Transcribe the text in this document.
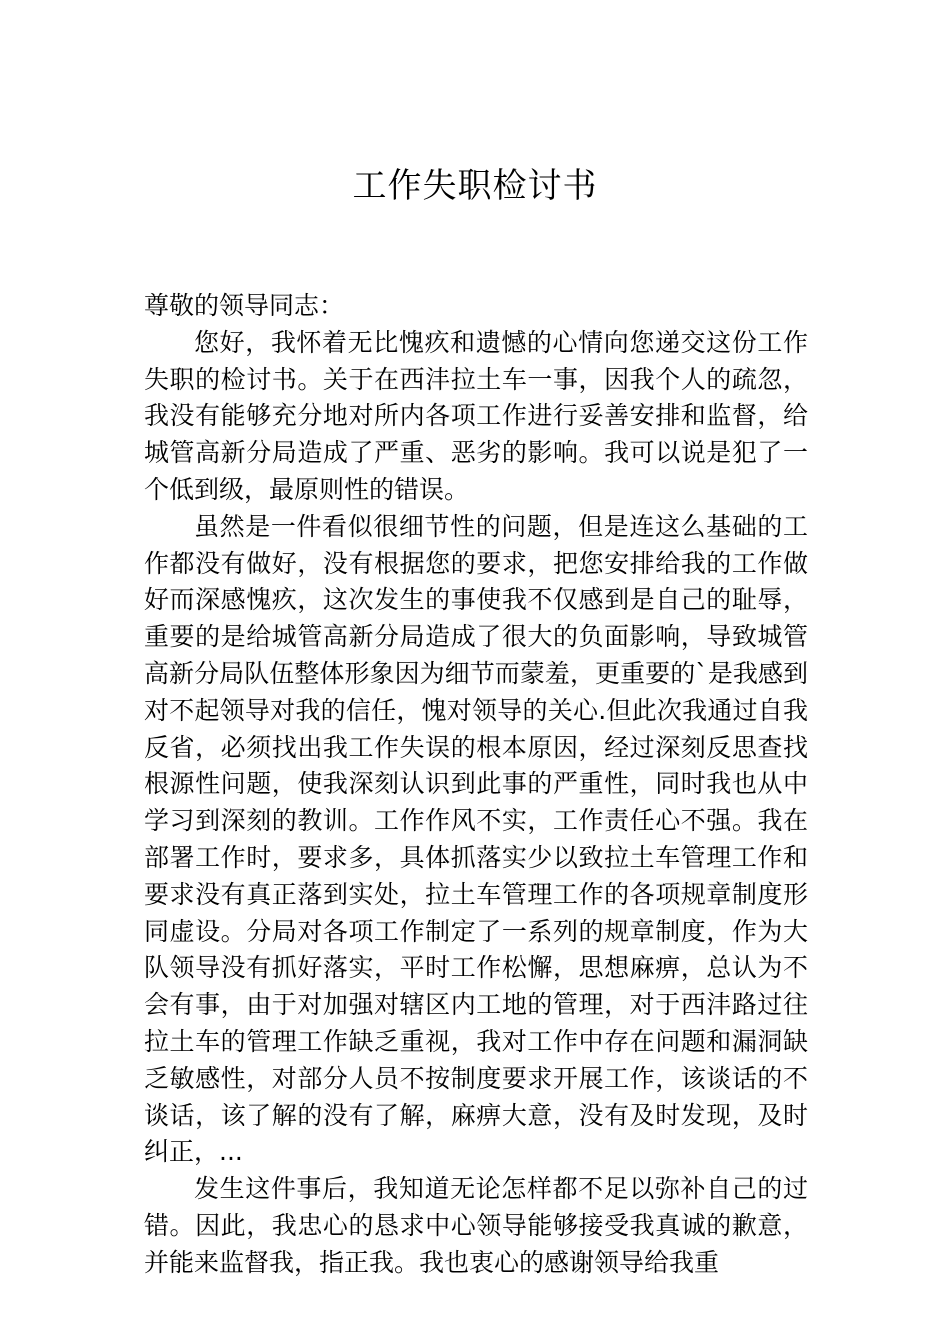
工作失职检讨书

尊敬的领导同志：

您好，我怀着无比愧疚和遗憾的心情向您递交这份工作失职的检讨书。关于在西沣拉土车一事，因我个人的疏忽，我没有能够充分地对所内各项工作进行妥善安排和监督，给城管高新分局造成了严重、恶劣的影响。我可以说是犯了一个低到级，最原则性的错误。

虽然是一件看似很细节性的问题，但是连这么基础的工作都没有做好，没有根据您的要求，把您安排给我的工作做好而深感愧疚，这次发生的事使我不仅感到是自己的耻辱，重要的是给城管高新分局造成了很大的负面影响，导致城管高新分局队伍整体形象因为细节而蒙羞，更重要的`是我感到对不起领导对我的信任，愧对领导的关心.但此次我通过自我反省，必须找出我工作失误的根本原因，经过深刻反思查找根源性问题，使我深刻认识到此事的严重性，同时我也从中学习到深刻的教训。工作作风不实，工作责任心不强。我在部署工作时，要求多，具体抓落实少以致拉土车管理工作和要求没有真正落到实处，拉土车管理工作的各项规章制度形同虚设。分局对各项工作制定了一系列的规章制度，作为大队领导没有抓好落实，平时工作松懈，思想麻痹，总认为不会有事，由于对加强对辖区内工地的管理，对于西沣路过往拉土车的管理工作缺乏重视，我对工作中存在问题和漏洞缺乏敏感性，对部分人员不按制度要求开展工作，该谈话的不谈话，该了解的没有了解，麻痹大意，没有及时发现，及时纠正，...

发生这件事后，我知道无论怎样都不足以弥补自己的过错。因此，我忠心的恳求中心领导能够接受我真诚的歉意，并能来监督我，指正我。我也衷心的感谢领导给我重
